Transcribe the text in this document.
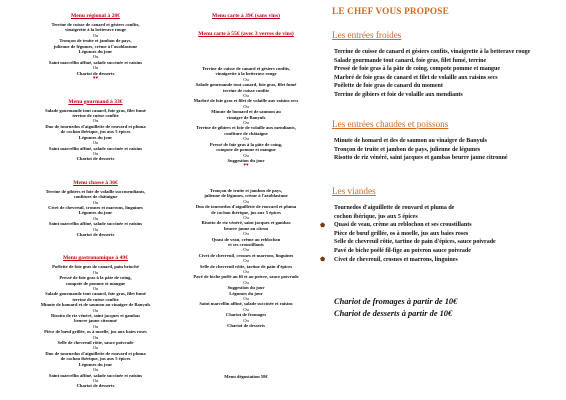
Menu régional à 28€
Terrine de cuisse de canard et gésiers confits,
vinaigrette à la betterave rouge
Ou
Tronçon de truite et jambon de pays,
julienne de légumes, crème à l'axoblastune
Légumes du jour
Ou
Saint marcellin affiné, salade succinée et raisins
Ou
Chariot de desserts
♥♥
Menu gourmand à 33€
Salade gourmande tout canard, foie gras, filet fumé
terrine de cuisse confite
Ou
Duo de tournedos d'aiguillette de rouvard et pluma
de cochon ibérique, jus aux 5 épices
Légumes du jour
Ou
Saint marcellin affiné, salade succinée et raisins
Ou
Chariot de desserts
Menu chasse à 36€
Terrine de gibiers et foie de volaille succmendiants,
confiture de châtaigne
Ou
Civet de chevreuil, crosnes et marrons, linguines
Légumes du jour
Ou
Saint marcellin affiné, salade succinée et raisins
Ou
Chariot de desserts
Menu gastronomique à 49€
Poêlette de foie gras de canard, pain brioché
Ou
Pressé de foie gras à la pâte de coing,
compote de pomme et mangue
Ou
Salade gourmande tout canard, foie gras, filet fumé
terrine de cuisse confite
Minute de homard et de saumon au vinaigre de Banyuls
Ou
Risotto de riz vénéré, saint jacques et gambas
beurre jaune citronné
Ou
Pièce de bœuf grillée, os à moelle, jus aux baies roses
Ou
Selle de chevreuil rôtie, sauce poivrade
Ou
Duo de tournedos d'aiguillette de rouvard et pluma
de cochon ibérique, jus aux 5 épices
Légumes du jour
Ou
Saint marcellin affiné, salade succinée et raisins
Ou
Chariot de desserts
Menu carte à 39€ (sans vins)
Menu carte à 55€ (avec 3 verres de vins)
Terrine de cuisse de canard et gésiers confits,
vinaigrette à la betterave rouge
Ou
Salade gourmande tout canard, foie gras, filet fumé
terrine de cuisse confite
Ou
Marbré de foie gras et filet de volaille aux raisins secs
Ou
Minute de homard et de saumon au
vinaigre de Banyuls
Ou
Terrine de gibiers et foie de volaille aux mendiants,
confiture de châtaigne
Ou
Pressé de foie gras à la pâte de coing,
compote de pomme et mangue
Ou
Suggestion du jour
♥♥
Tronçon de truite et jambon de pays,
julienne de légumes, crème à l'axoblastune
Ou
Duo de tournedos d'aiguillette de rouvard et pluma
de cochon ibérique, jus aux 5 épices
Ou
Risotto de riz vénéré, saint jacques et gambas
beurre jaune au citron
Ou
Quasi de veau, crème au reblochon
et ses croustillants
Ou
Civet de chevreuil, crosnes et marrons, linguines
Ou
Selle de chevreuil rôtie, tartine de pain d'épices
Ou
Pavé de biche poêlé au fil et au poivre, sauce poivrade
Ou
Suggestion du jour
Légumes du jour
Ou
Saint marcellin affiné, salade succinée et raisins
Ou
Chariot de fromages
Ou
Chariot de desserts
Menu dégustation 58€
LE CHEF VOUS PROPOSE
Les entrées froides
Terrine de cuisse de canard et gésiers confits, vinaigrette à la betterave rouge
Salade gourmande tout canard, foie gras, filet fumé, terrine
Pressé de foie gras à la pâte de coing, compote pomme et mangue
Marbré de foie gras de canard et filet de volaille aux raisins secs
Poêlette de foie gras de canard du moment
Terrine de gibiers et foie de volaille aux mendiants
Les entrées chaudes et poissons
Minute de homard et des de saumon au vinaigre de Banyuls
Tronçon de truite et jambon de pays, julienne de légumes
Risotto de riz vénéré, saint jacques et gambas beurre jaune citronné
Les viandes
Tournedos d'aiguillette de rouvard et pluma de
cochon ibérique, jus aux 5 épices
Quasi de veau, crème au reblochon et ses croustillants
Pièce de bœuf grillée, os à moelle, jus aux baies roses
Selle de chevreuil rôtie, tartine de pain d'épices, sauce poivrade
Pavé de biche poêlé fil-fige au poivron sauce poivrade
Civet de chevreuil, crosnes et marrons, linguines
Chariot de fromages à partir de 10€
Chariot de desserts à partir de 10€
⬟
⬟
